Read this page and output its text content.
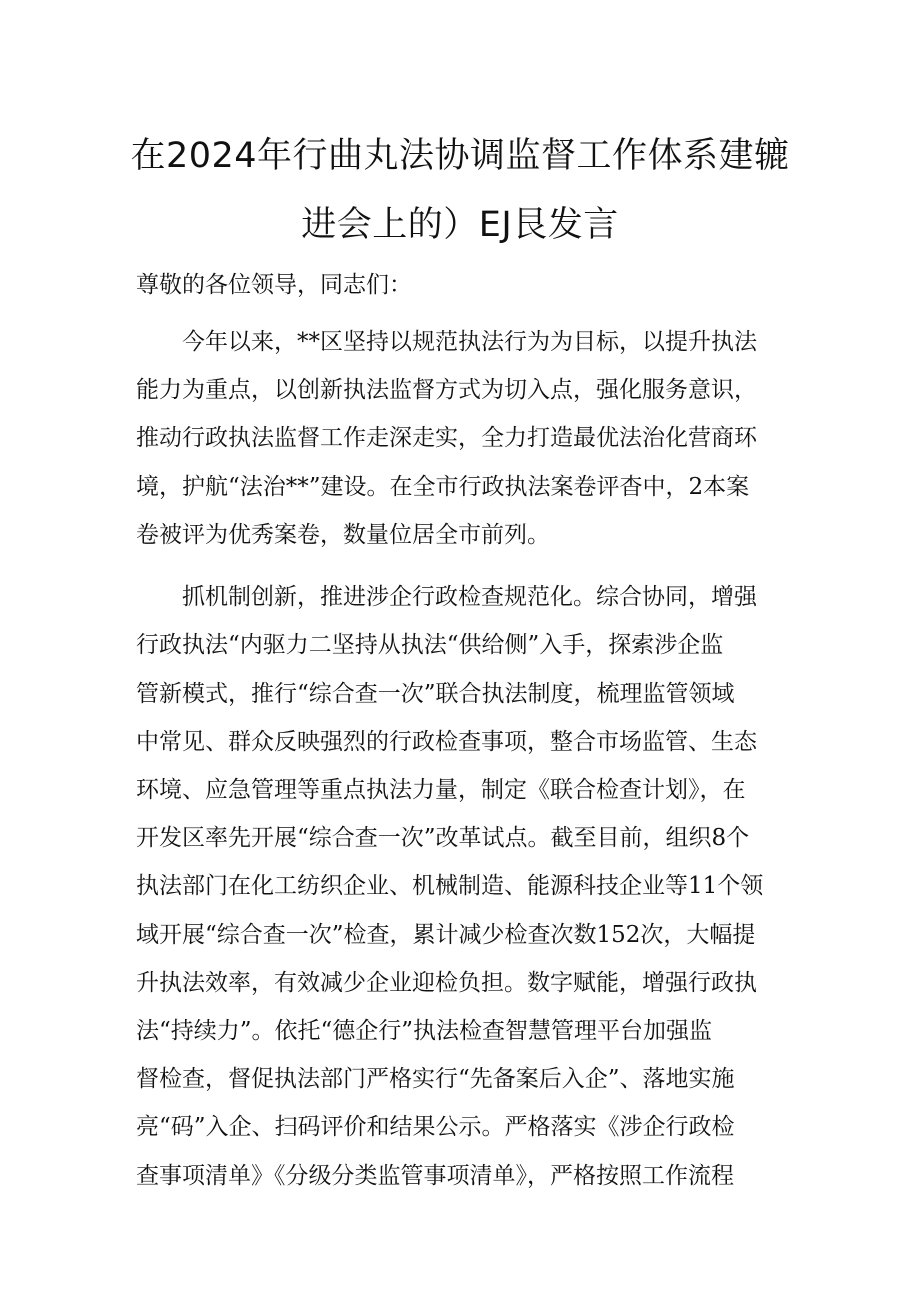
在2024年行曲丸法协调监督工作体系建辘
进会上的）EJ艮发言
尊敬的各位领导，同志们：
今年以来，**区坚持以规范执法行为为目标，以提升执法
能力为重点，以创新执法监督方式为切入点，强化服务意识，
推动行政执法监督工作走深走实，全力打造最优法治化营商环
境，护航“法治**”建设。在全市行政执法案卷评杳中，2本案
卷被评为优秀案卷，数量位居全市前列。
抓机制创新，推进涉企行政检查规范化。综合协同，增强
行政执法“内驱力二坚持从执法“供给侧”入手，探索涉企监
管新模式，推行“综合查一次”联合执法制度，梳理监管领域
中常见、群众反映强烈的行政检查事项，整合市场监管、生态
环境、应急管理等重点执法力量，制定《联合检查计划》，在
开发区率先开展“综合查一次”改革试点。截至目前，组织8个
执法部门在化工纺织企业、机械制造、能源科技企业等11个领
域开展“综合查一次”检查，累计减少检查次数152次，大幅提
升执法效率，有效减少企业迎检负担。数字赋能，增强行政执
法“持续力”。依托“德企行”执法检查智慧管理平台加强监
督检查，督促执法部门严格实行“先备案后入企”、落地实施
亮“码”入企、扫码评价和结果公示。严格落实《涉企行政检
查事项清单》《分级分类监管事项清单》，严格按照工作流程
